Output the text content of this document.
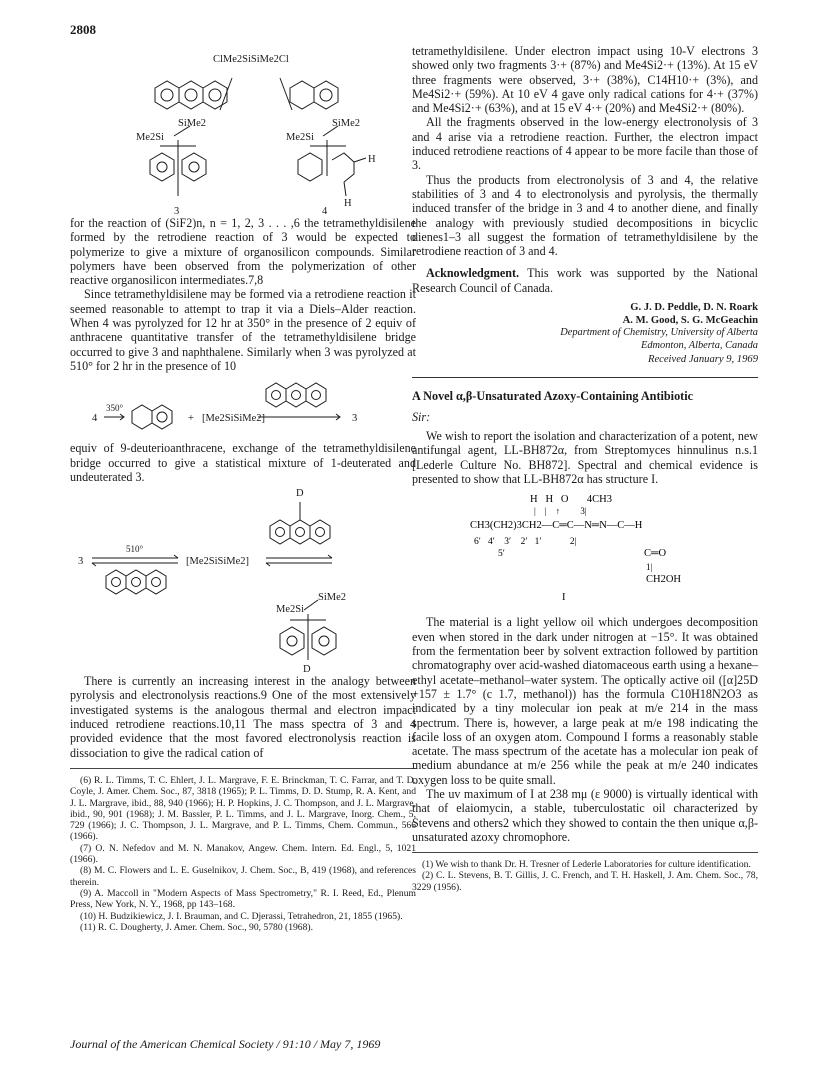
2808
ClMe2SiSiMe2Cl
SiMe2
Me2Si
SiMe2
Me2Si
H
H
3	4

for the reaction of (SiF2)n, n = 1, 2, 3 . . . ,6 the tetramethyldisilene formed by the retrodiene reaction of 3 would be expected to polymerize to give a mixture of organosilicon compounds. Similar polymers have been observed from the polymerization of other reactive organosilicon intermediates.7,8

Since tetramethyldisilene may be formed via a retrodiene reaction it seemed reasonable to attempt to trap it via a Diels–Alder reaction. When 4 was pyrolyzed for 12 hr at 350° in the presence of 2 equiv of anthracene quantitative transfer of the tetramethyldisilene bridge occurred to give 3 and naphthalene. Similarly when 3 was pyrolyzed at 510° for 2 hr in the presence of 10

4
350°
+ [Me2SiSiMe2]	3

equiv of 9-deuterioanthracene, exchange of the tetramethyldisilene bridge occurred to give a statistical mixture of 1-deuterated and undeuterated 3.

3
510°
[Me2SiSiMe2]
D
SiMe2
Me2Si
D

There is currently an increasing interest in the analogy between pyrolysis and electronolysis reactions.9 One of the most extensively investigated systems is the analogous thermal and electron impact induced retrodiene reactions.10,11 The mass spectra of 3 and 4 provided evidence that the most favored electronolysis reaction is dissociation to give the radical cation of

(6) R. L. Timms, T. C. Ehlert, J. L. Margrave, F. E. Brinckman, T. C. Farrar, and T. D. Coyle, J. Amer. Chem. Soc., 87, 3818 (1965); P. L. Timms, D. D. Stump, R. A. Kent, and J. L. Margrave, ibid., 88, 940 (1966); H. P. Hopkins, J. C. Thompson, and J. L. Margrave, ibid., 90, 901 (1968); J. M. Bassler, P. L. Timms, and J. L. Margrave, Inorg. Chem., 5, 729 (1966); J. C. Thompson, J. L. Margrave, and P. L. Timms, Chem. Commun., 566 (1966).

(7) O. N. Nefedov and M. N. Manakov, Angew. Chem. Intern. Ed. Engl., 5, 1021 (1966).

(8) M. C. Flowers and L. E. Guselnikov, J. Chem. Soc., B, 419 (1968), and references therein.

(9) A. Maccoll in "Modern Aspects of Mass Spectrometry," R. I. Reed, Ed., Plenum Press, New York, N. Y., 1968, pp 143–168.

(10) H. Budzikiewicz, J. I. Brauman, and C. Djerassi, Tetrahedron, 21, 1855 (1965).

(11) R. C. Dougherty, J. Amer. Chem. Soc., 90, 5780 (1968).

tetramethyldisilene. Under electron impact using 10-V electrons 3 showed only two fragments 3·+ (87%) and Me4Si2·+ (13%). At 15 eV three fragments were observed, 3·+ (38%), C14H10·+ (3%), and Me4Si2·+ (59%). At 10 eV 4 gave only radical cations for 4·+ (37%) and Me4Si2·+ (63%), and at 15 eV 4·+ (20%) and Me4Si2·+ (80%).

All the fragments observed in the low-energy electronolysis of 3 and 4 arise via a retrodiene reaction. Further, the electron impact induced retrodiene reactions of 4 appear to be more facile than those of 3.

Thus the products from electronolysis of 3 and 4, the relative stabilities of 3 and 4 to electronolysis and pyrolysis, the thermally induced transfer of the bridge in 3 and 4 to another diene, and finally the analogy with previously studied decompositions in bicyclic dienes1–3 all suggest the formation of tetramethyldisilene by the retrodiene reaction of 3 and 4.

Acknowledgment. This work was supported by the National Research Council of Canada.

G. J. D. Peddle, D. N. Roark
A. M. Good, S. G. McGeachin
Department of Chemistry, University of Alberta
Edmonton, Alberta, Canada
Received January 9, 1969
A Novel α,β-Unsaturated Azoxy-Containing Antibiotic
Sir:

We wish to report the isolation and characterization of a potent, new antifungal agent, LL-BH872α, from Streptomyces hinnulinus n.s.1 [Lederle Culture No. BH872]. Spectral and chemical evidence is presented to show that LL-BH872α has structure I.

H   H   O       4CH3
|    |    ↑         3|
CH3(CH2)3CH2—C═C—N═N—C—H
6′   4′    3′    2′   1′            2|
C═O
5′
1|
CH2OH
I

The material is a light yellow oil which undergoes decomposition even when stored in the dark under nitrogen at −15°. It was obtained from the fermentation beer by solvent extraction followed by partition chromatography over acid-washed diatomaceous earth using a hexane–ethyl acetate–methanol–water system. The optically active oil ([α]25D +157 ± 1.7° (c 1.7, methanol)) has the formula C10H18N2O3 as indicated by a tiny molecular ion peak at m/e 214 in the mass spectrum. There is, however, a large peak at m/e 198 indicating the facile loss of an oxygen atom. Compound I forms a reasonably stable acetate. The mass spectrum of the acetate has a molecular ion peak of medium abundance at m/e 256 while the peak at m/e 240 indicates oxygen loss to be quite small.

The uv maximum of I at 238 mμ (ε 9000) is virtually identical with that of elaiomycin, a stable, tuberculostatic oil characterized by Stevens and others2 which they showed to contain the then unique α,β-unsaturated azoxy chromophore.

(1) We wish to thank Dr. H. Tresner of Lederle Laboratories for culture identification.

(2) C. L. Stevens, B. T. Gillis, J. C. French, and T. H. Haskell, J. Am. Chem. Soc., 78, 3229 (1956).

Journal of the American Chemical Society / 91:10 / May 7, 1969
